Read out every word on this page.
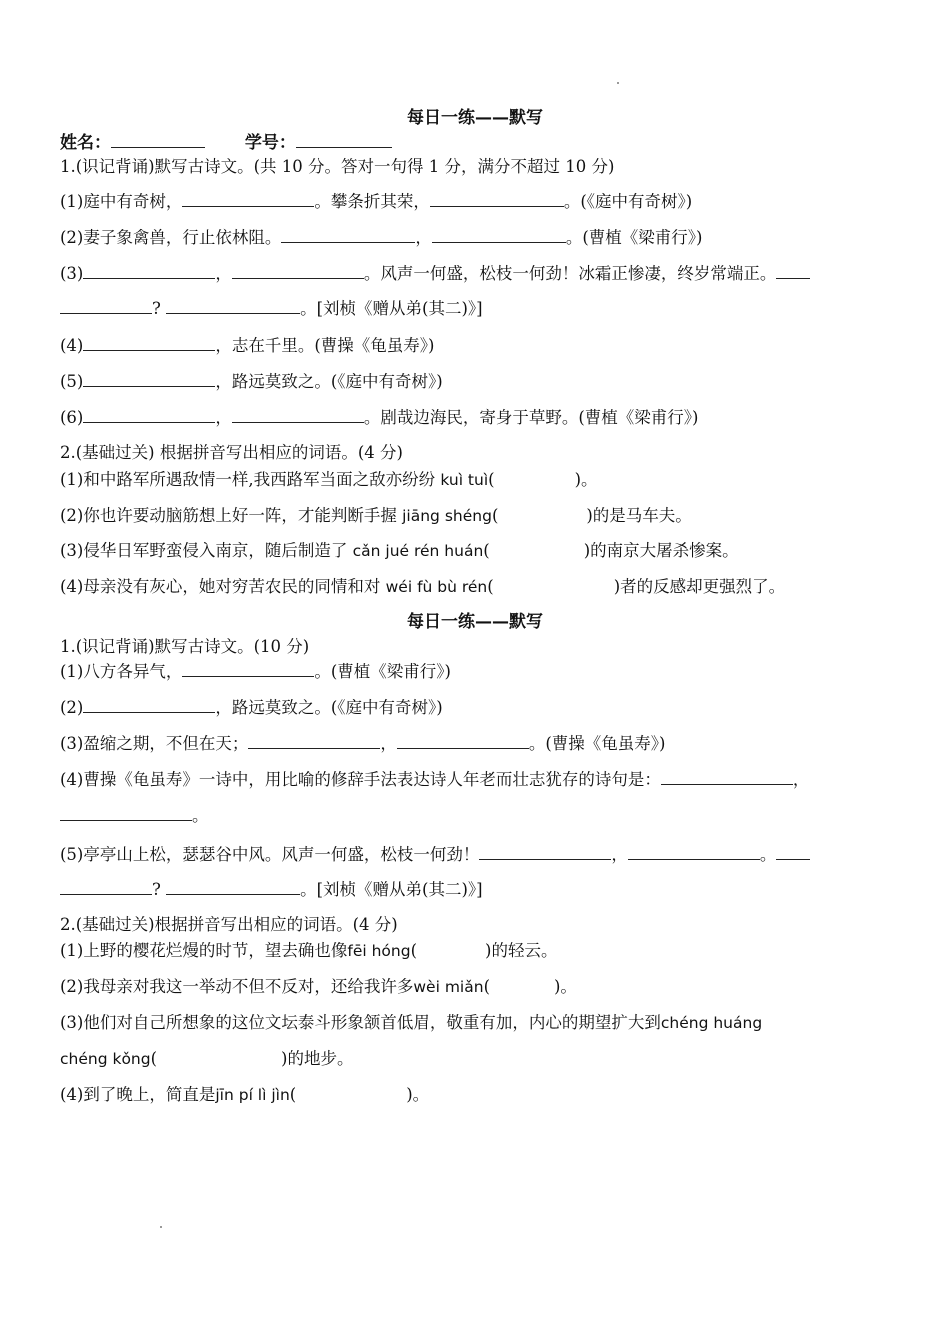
每日一练——默写
姓名：	学号：
1.(识记背诵)默写古诗文。(共 10 分。答对一句得 1 分，满分不超过 10 分)
(1)庭中有奇树，	。攀条折其荣，	。(《庭中有奇树》)
(2)妻子象禽兽，行止依林阻。	，	。(曹植《梁甫行》)
(3)	，	。风声一何盛，松枝一何劲！冰霜正惨凄，终岁常端正。
?	。[刘桢《赠从弟(其二)》]
(4)	，志在千里。(曹操《龟虽寿》)
(5)	，路远莫致之。(《庭中有奇树》)
(6)	，	。剧哉边海民，寄身于草野。(曹植《梁甫行》)
2.(基础过关) 根据拼音写出相应的词语。(4 分)
(1)和中路军所遇敌情一样,我西路军当面之敌亦纷纷 kuì tuì(	)。
(2)你也许要动脑筋想上好一阵，才能判断手握 jiāng shéng(	)的是马车夫。
(3)侵华日军野蛮侵入南京，随后制造了 cǎn jué rén huán(	)的南京大屠杀惨案。
(4)母亲没有灰心，她对穷苦农民的同情和对 wéi fù bù rén(	)者的反感却更强烈了。
每日一练——默写
1.(识记背诵)默写古诗文。(10 分)
(1)八方各异气，	。(曹植《梁甫行》)
(2)	，路远莫致之。(《庭中有奇树》)
(3)盈缩之期，不但在天；	，	。(曹操《龟虽寿》)
(4)曹操《龟虽寿》一诗中，用比喻的修辞手法表达诗人年老而壮志犹存的诗句是：	，
。
(5)亭亭山上松，瑟瑟谷中风。风声一何盛，松枝一何劲！	，	。
?	。[刘桢《赠从弟(其二)》]
2.(基础过关)根据拼音写出相应的词语。(4 分)
(1)上野的樱花烂熳的时节，望去确也像fēi hóng(	)的轻云。
(2)我母亲对我这一举动不但不反对，还给我许多wèi miǎn(	)。
(3)他们对自己所想象的这位文坛泰斗形象颔首低眉，敬重有加，内心的期望扩大到chéng huáng
chéng kǒng(	)的地步。
(4)到了晚上，简直是jīn pí lì jìn(	)。
